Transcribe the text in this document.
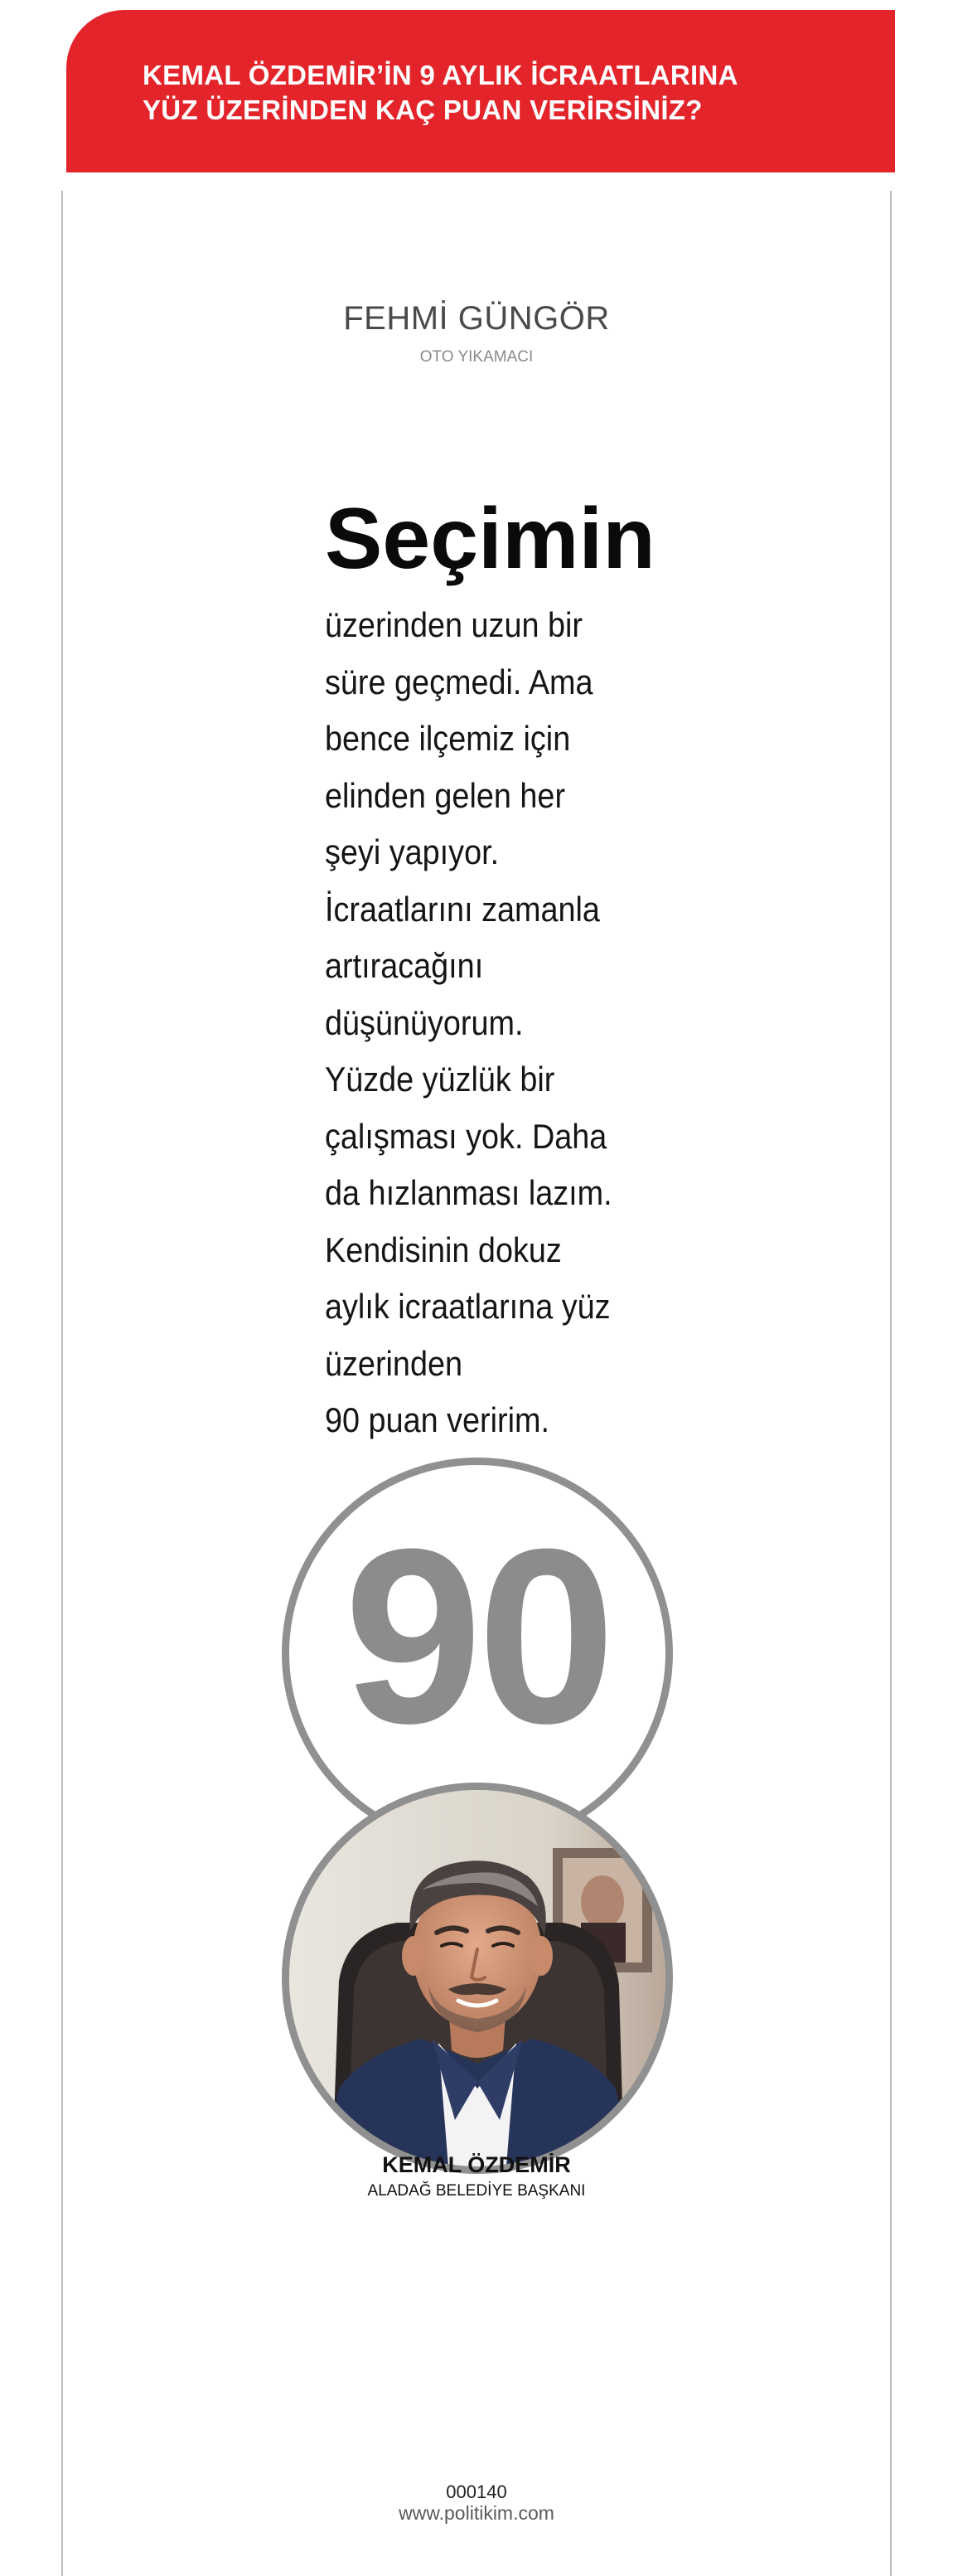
KEMAL ÖZDEMİR’İN 9 AYLIK İCRAATLARINA
YÜZ ÜZERİNDEN KAÇ PUAN VERİRSİNİZ?
FEHMİ GÜNGÖR
OTO YIKAMACI
Seçimin
üzerinden uzun bir
süre geçmedi. Ama
bence ilçemiz için
elinden gelen her
şeyi yapıyor.
İcraatlarını zamanla
artıracağını
düşünüyorum.
Yüzde yüzlük bir
çalışması yok. Daha
da hızlanması lazım.
Kendisinin dokuz
aylık icraatlarına yüz
üzerinden
90 puan veririm.
90
KEMAL ÖZDEMİR
ALADAĞ BELEDİYE BAŞKANI
000140
www.politikim.com
